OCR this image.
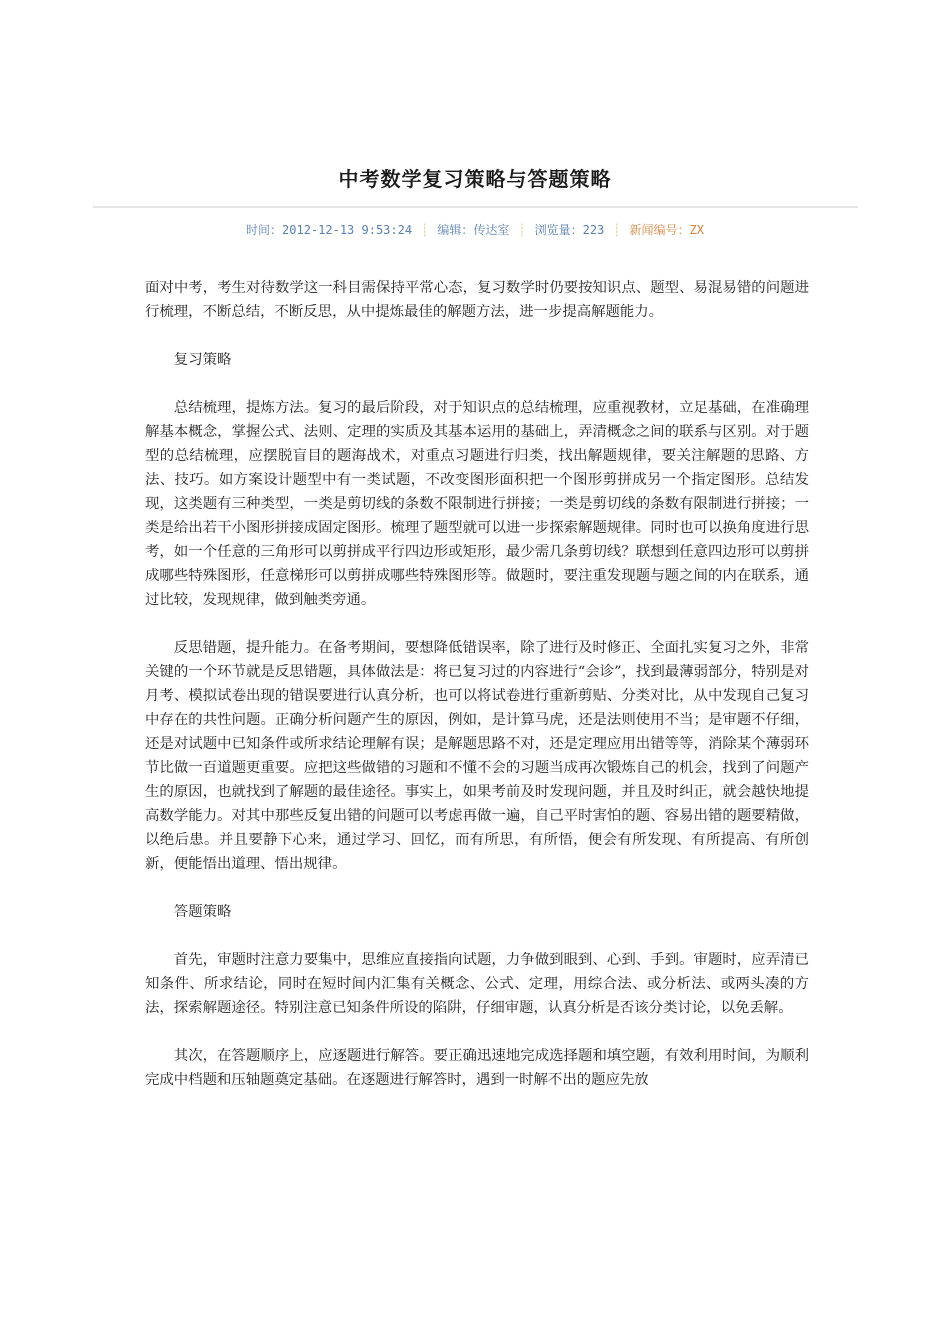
中考数学复习策略与答题策略
时间：2012-12-13 9:53:24 ┊ 编辑：传达室 ┊ 浏览量：223 ┊ 新闻编号：ZX

面对中考，考生对待数学这一科目需保持平常心态，复习数学时仍要按知识点、题型、易混易错的问题进行梳理，不断总结，不断反思，从中提炼最佳的解题方法，进一步提高解题能力。

复习策略

总结梳理，提炼方法。复习的最后阶段，对于知识点的总结梳理，应重视教材，立足基础，在准确理解基本概念，掌握公式、法则、定理的实质及其基本运用的基础上，弄清概念之间的联系与区别。对于题型的总结梳理，应摆脱盲目的题海战术，对重点习题进行归类，找出解题规律，要关注解题的思路、方法、技巧。如方案设计题型中有一类试题，不改变图形面积把一个图形剪拼成另一个指定图形。总结发现，这类题有三种类型，一类是剪切线的条数不限制进行拼接；一类是剪切线的条数有限制进行拼接；一类是给出若干小图形拼接成固定图形。梳理了题型就可以进一步探索解题规律。同时也可以换角度进行思考，如一个任意的三角形可以剪拼成平行四边形或矩形，最少需几条剪切线？联想到任意四边形可以剪拼成哪些特殊图形，任意梯形可以剪拼成哪些特殊图形等。做题时，要注重发现题与题之间的内在联系，通过比较，发现规律，做到触类旁通。

反思错题，提升能力。在备考期间，要想降低错误率，除了进行及时修正、全面扎实复习之外，非常关键的一个环节就是反思错题，具体做法是：将已复习过的内容进行“会诊”，找到最薄弱部分，特别是对月考、模拟试卷出现的错误要进行认真分析，也可以将试卷进行重新剪贴、分类对比，从中发现自己复习中存在的共性问题。正确分析问题产生的原因，例如，是计算马虎，还是法则使用不当；是审题不仔细，还是对试题中已知条件或所求结论理解有误；是解题思路不对，还是定理应用出错等等，消除某个薄弱环节比做一百道题更重要。应把这些做错的习题和不懂不会的习题当成再次锻炼自己的机会，找到了问题产生的原因，也就找到了解题的最佳途径。事实上，如果考前及时发现问题，并且及时纠正，就会越快地提高数学能力。对其中那些反复出错的问题可以考虑再做一遍，自己平时害怕的题、容易出错的题要精做，以绝后患。并且要静下心来，通过学习、回忆，而有所思，有所悟，便会有所发现、有所提高、有所创新，便能悟出道理、悟出规律。

答题策略

首先，审题时注意力要集中，思维应直接指向试题，力争做到眼到、心到、手到。审题时，应弄清已知条件、所求结论，同时在短时间内汇集有关概念、公式、定理，用综合法、或分析法、或两头凑的方法，探索解题途径。特别注意已知条件所设的陷阱，仔细审题，认真分析是否该分类讨论，以免丢解。

其次，在答题顺序上，应逐题进行解答。要正确迅速地完成选择题和填空题，有效利用时间，为顺利完成中档题和压轴题奠定基础。在逐题进行解答时，遇到一时解不出的题应先放
